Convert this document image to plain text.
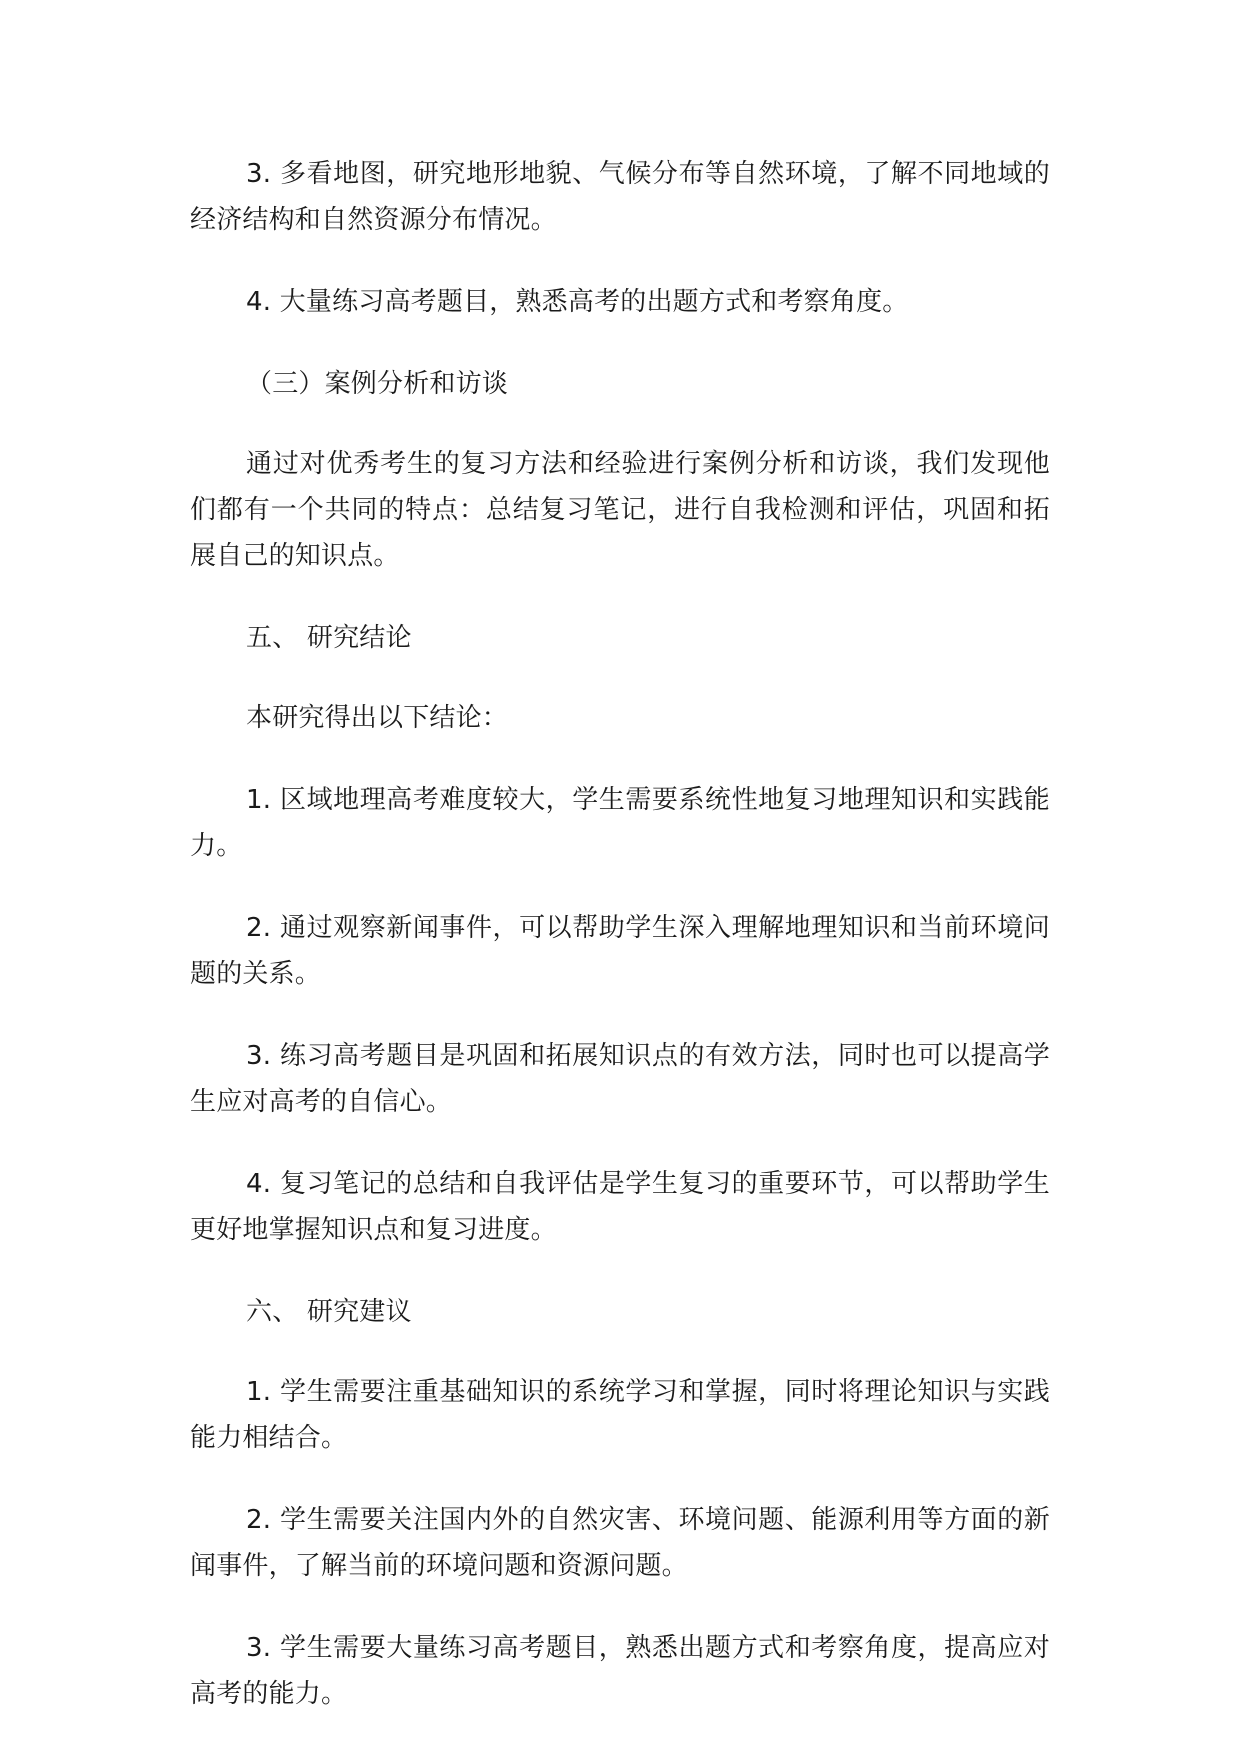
3. 多看地图，研究地形地貌、气候分布等自然环境，了解不同地域的经济结构和自然资源分布情况。

4. 大量练习高考题目，熟悉高考的出题方式和考察角度。

（三）案例分析和访谈

通过对优秀考生的复习方法和经验进行案例分析和访谈，我们发现他们都有一个共同的特点：总结复习笔记，进行自我检测和评估，巩固和拓展自己的知识点。

五、 研究结论

本研究得出以下结论：

1. 区域地理高考难度较大，学生需要系统性地复习地理知识和实践能力。

2. 通过观察新闻事件，可以帮助学生深入理解地理知识和当前环境问题的关系。

3. 练习高考题目是巩固和拓展知识点的有效方法，同时也可以提高学生应对高考的自信心。

4. 复习笔记的总结和自我评估是学生复习的重要环节，可以帮助学生更好地掌握知识点和复习进度。

六、 研究建议

1. 学生需要注重基础知识的系统学习和掌握，同时将理论知识与实践能力相结合。

2. 学生需要关注国内外的自然灾害、环境问题、能源利用等方面的新闻事件，了解当前的环境问题和资源问题。

3. 学生需要大量练习高考题目，熟悉出题方式和考察角度，提高应对高考的能力。
